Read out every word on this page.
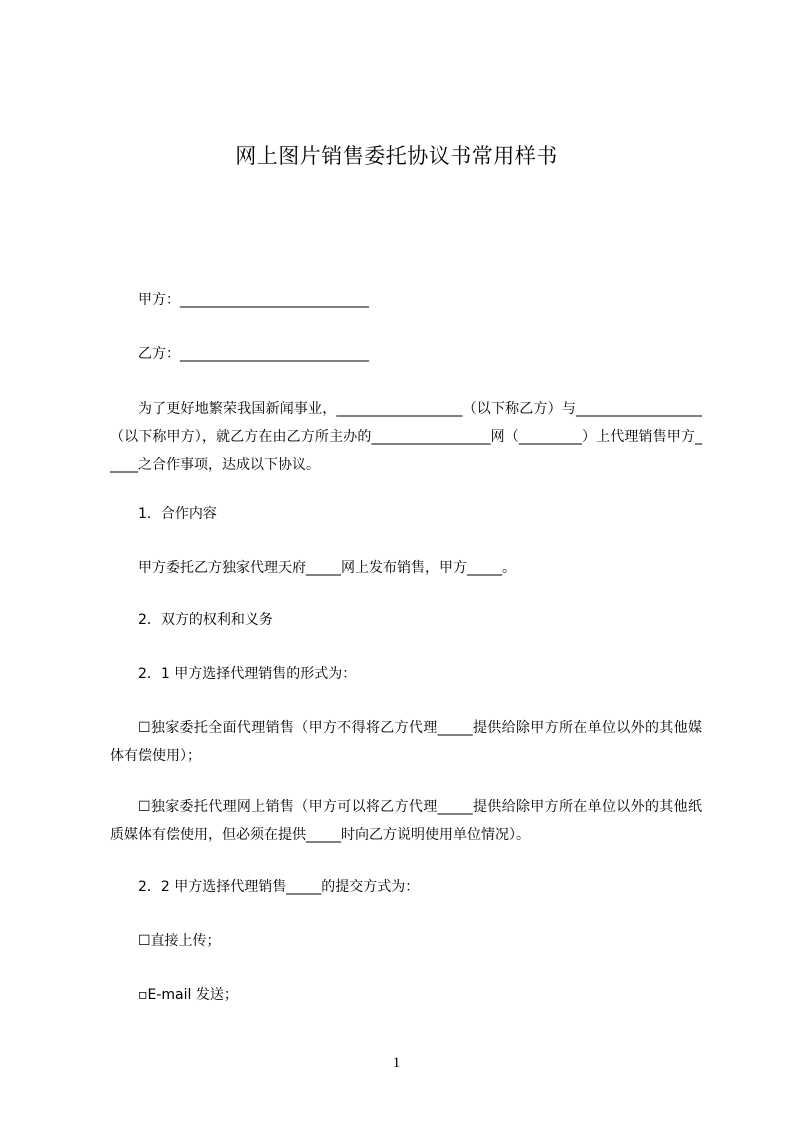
网上图片销售委托协议书常用样书

甲方：___________________________

乙方：___________________________

为了更好地繁荣我国新闻事业，__________________（以下称乙方）与__________________（以下称甲方），就乙方在由乙方所主办的_________________网（_________）上代理销售甲方_____之合作事项，达成以下协议。

1．合作内容

甲方委托乙方独家代理天府_____网上发布销售，甲方_____。

2．双方的权利和义务

2．1 甲方选择代理销售的形式为：

☐独家委托全面代理销售（甲方不得将乙方代理_____提供给除甲方所在单位以外的其他媒体有偿使用）；

☐独家委托代理网上销售（甲方可以将乙方代理_____提供给除甲方所在单位以外的其他纸质媒体有偿使用，但必须在提供_____时向乙方说明使用单位情况）。

2．2 甲方选择代理销售_____的提交方式为：

☐直接上传；

▫E-mail 发送；

1
